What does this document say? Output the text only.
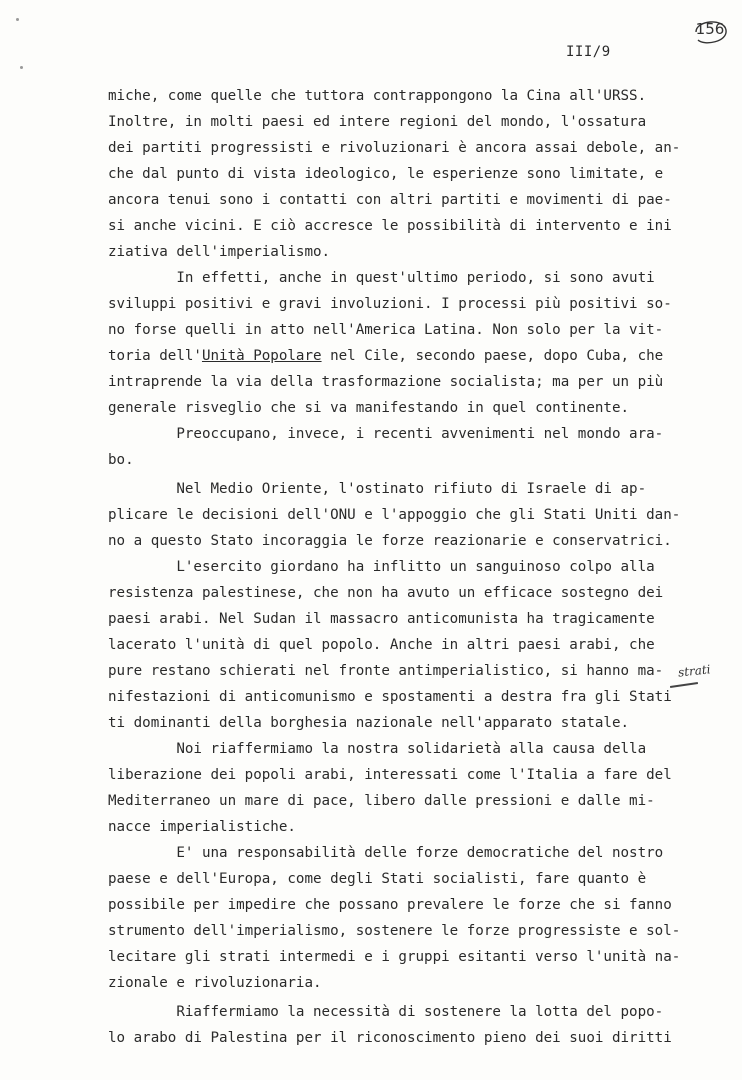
III/9
156
miche, come quelle che tuttora contrappongono la Cina all'URSS.
Inoltre, in molti paesi ed intere regioni del mondo, l'ossatura
dei partiti progressisti e rivoluzionari è ancora assai debole, an-
che dal punto di vista ideologico, le esperienze sono limitate, e
ancora tenui sono i contatti con altri partiti e movimenti di pae-
si anche vicini. E ciò accresce le possibilità di intervento e ini
ziativa dell'imperialismo.
In effetti, anche in quest'ultimo periodo, si sono avuti
sviluppi positivi e gravi involuzioni. I processi più positivi so-
no forse quelli in atto nell'America Latina. Non solo per la vit-
toria dell'Unità Popolare nel Cile, secondo paese, dopo Cuba, che
intraprende la via della trasformazione socialista; ma per un più
generale risveglio che si va manifestando in quel continente.
Preoccupano, invece, i recenti avvenimenti nel mondo ara-
bo.
Nel Medio Oriente, l'ostinato rifiuto di Israele di ap-
plicare le decisioni dell'ONU e l'appoggio che gli Stati Uniti dan-
no a questo Stato incoraggia le forze reazionarie e conservatrici.
L'esercito giordano ha inflitto un sanguinoso colpo alla
resistenza palestinese, che non ha avuto un efficace sostegno dei
paesi arabi. Nel Sudan il massacro anticomunista ha tragicamente
lacerato l'unità di quel popolo. Anche in altri paesi arabi, che
pure restano schierati nel fronte antimperialistico, si hanno ma-
nifestazioni di anticomunismo e spostamenti a destra fra gli Stati
ti dominanti della borghesia nazionale nell'apparato statale.
Noi riaffermiamo la nostra solidarietà alla causa della
liberazione dei popoli arabi, interessati come l'Italia a fare del
Mediterraneo un mare di pace, libero dalle pressioni e dalle mi-
nacce imperialistiche.
E' una responsabilità delle forze democratiche del nostro
paese e dell'Europa, come degli Stati socialisti, fare quanto è
possibile per impedire che possano prevalere le forze che si fanno
strumento dell'imperialismo, sostenere le forze progressiste e sol-
lecitare gli strati intermedi e i gruppi esitanti verso l'unità na-
zionale e rivoluzionaria.
Riaffermiamo la necessità di sostenere la lotta del popo-
lo arabo di Palestina per il riconoscimento pieno dei suoi diritti
strati
